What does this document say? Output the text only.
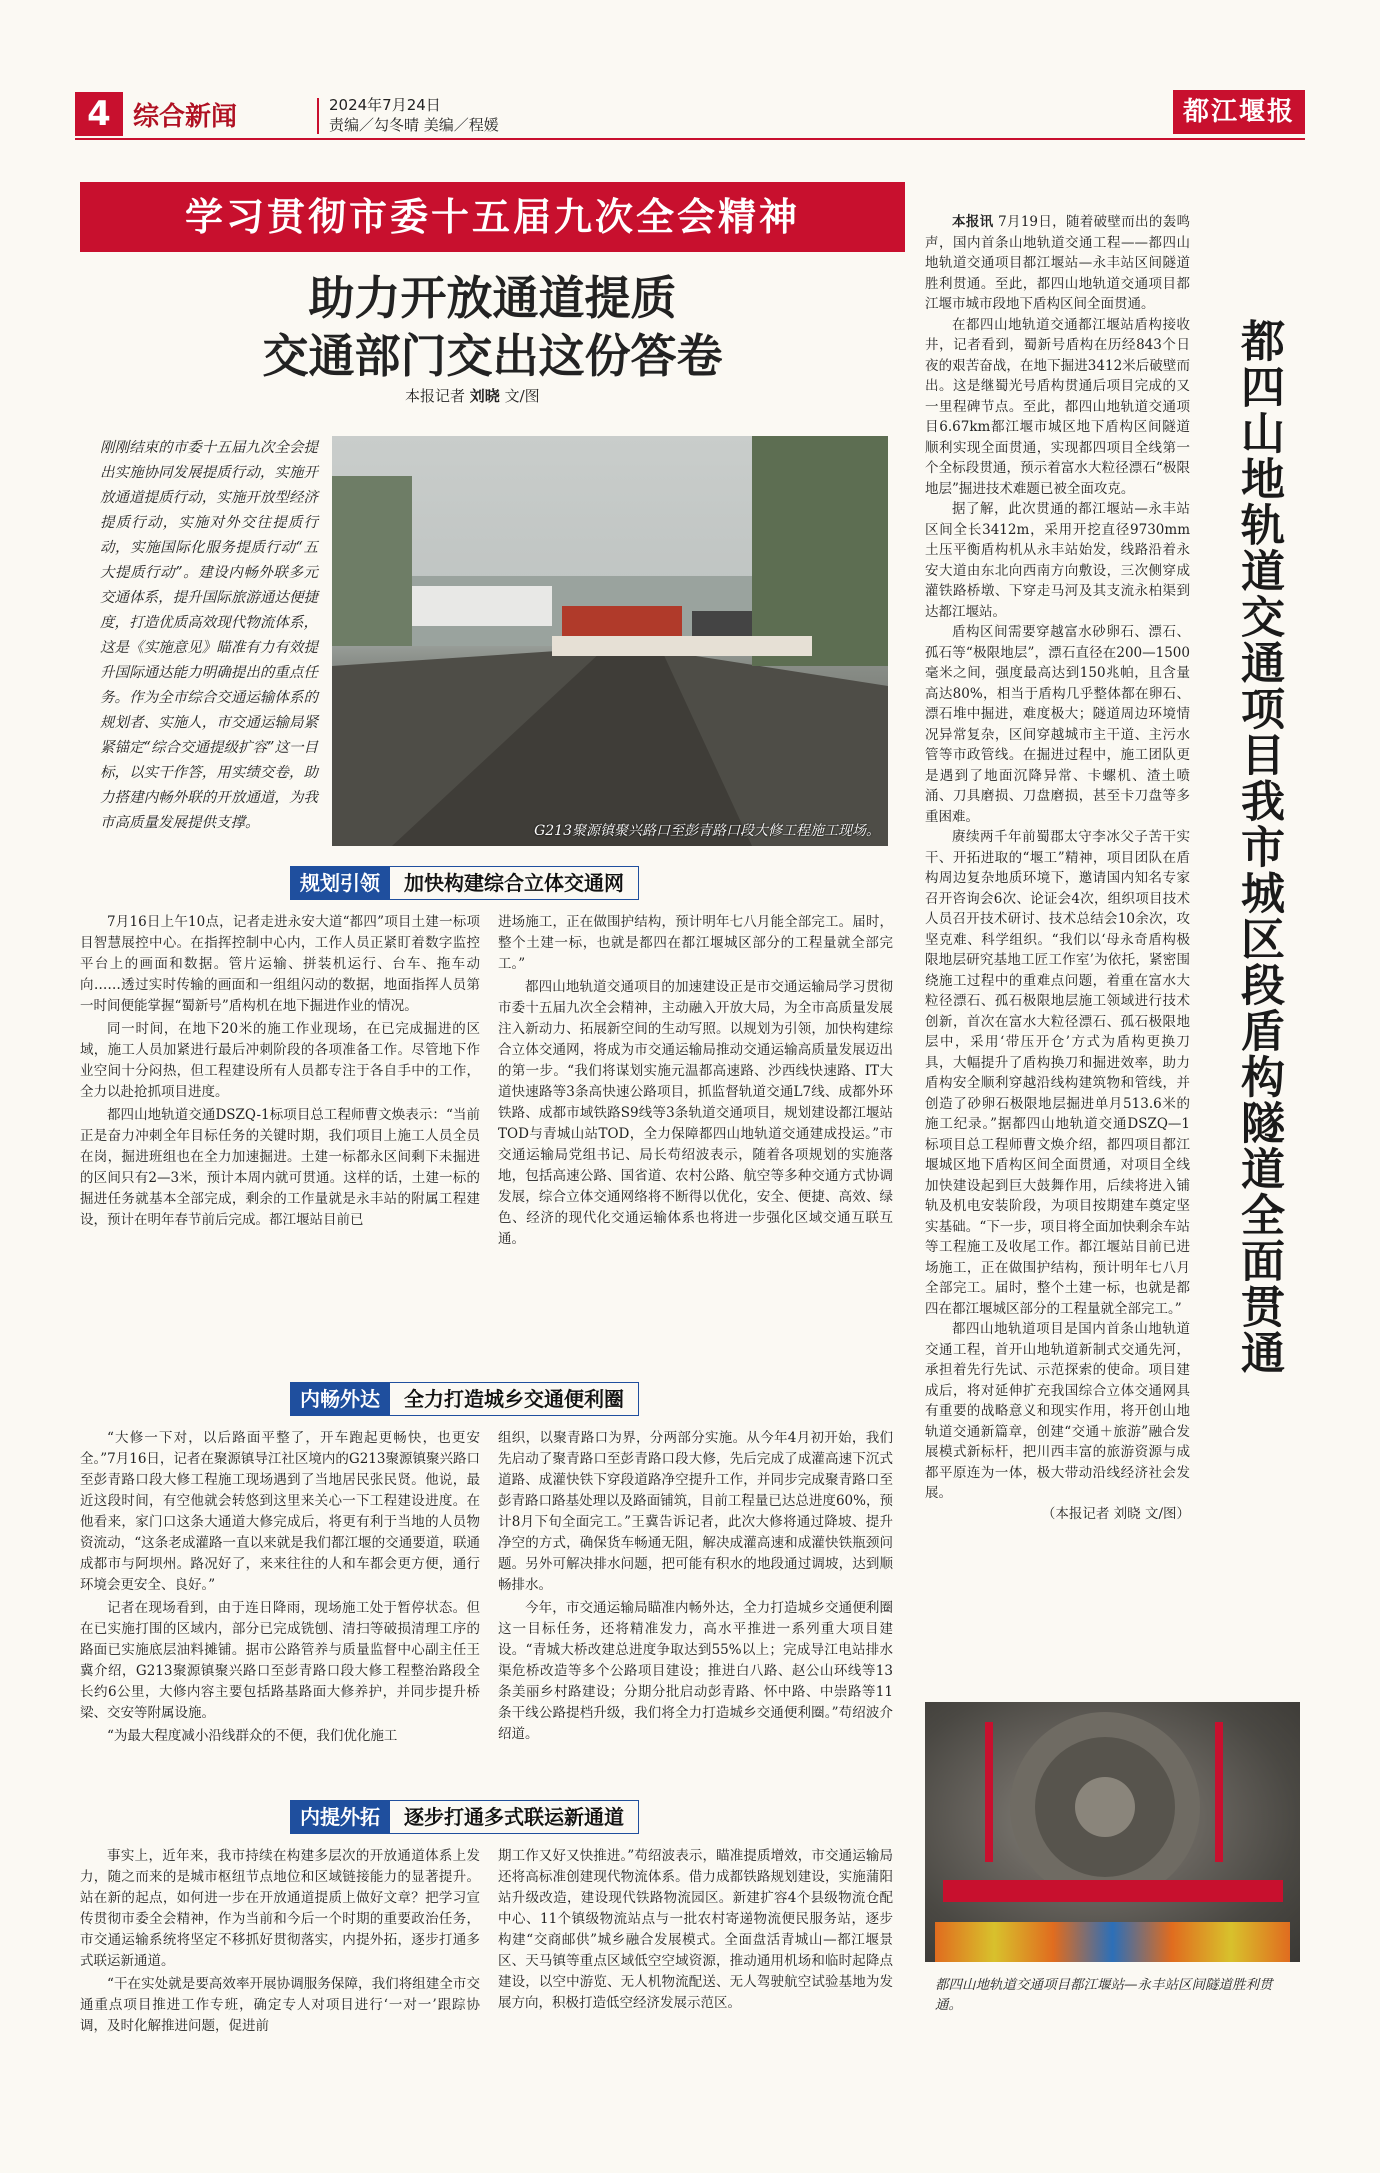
4 综合新闻	2024年7月24日
责编／勾冬晴 美编／程媛	都江堰报
学习贯彻市委十五届九次全会精神
助力开放通道提质
交通部门交出这份答卷
本报记者 刘晓 文/图
刚刚结束的市委十五届九次全会提出实施协同发展提质行动，实施开放通道提质行动，实施开放型经济提质行动，实施对外交往提质行动，实施国际化服务提质行动“五大提质行动”。建设内畅外联多元交通体系，提升国际旅游通达便捷度，打造优质高效现代物流体系，这是《实施意见》瞄准有力有效提升国际通达能力明确提出的重点任务。作为全市综合交通运输体系的规划者、实施人，市交通运输局紧紧锚定“综合交通提级扩容”这一目标，以实干作答，用实绩交卷，助力搭建内畅外联的开放通道，为我市高质量发展提供支撑。	G213聚源镇聚兴路口至彭青路口段大修工程施工现场。
规划引领	加快构建综合立体交通网

7月16日上午10点，记者走进永安大道“都四”项目土建一标项目智慧展控中心。在指挥控制中心内，工作人员正紧盯着数字监控平台上的画面和数据。管片运输、拼装机运行、台车、拖车动向……透过实时传输的画面和一组组闪动的数据，地面指挥人员第一时间便能掌握“蜀新号”盾构机在地下掘进作业的情况。

同一时间，在地下20米的施工作业现场，在已完成掘进的区域，施工人员加紧进行最后冲刺阶段的各项准备工作。尽管地下作业空间十分闷热，但工程建设所有人员都专注于各自手中的工作，全力以赴抢抓项目进度。

都四山地轨道交通DSZQ-1标项目总工程师曹文焕表示：“当前正是奋力冲刺全年目标任务的关键时期，我们项目上施工人员全员在岗，掘进班组也在全力加速掘进。土建一标都永区间剩下未掘进的区间只有2—3米，预计本周内就可贯通。这样的话，土建一标的掘进任务就基本全部完成，剩余的工作量就是永丰站的附属工程建设，预计在明年春节前后完成。都江堰站目前已

进场施工，正在做围护结构，预计明年七八月能全部完工。届时，整个土建一标，也就是都四在都江堰城区部分的工程量就全部完工。”

都四山地轨道交通项目的加速建设正是市交通运输局学习贯彻市委十五届九次全会精神，主动融入开放大局，为全市高质量发展注入新动力、拓展新空间的生动写照。以规划为引领，加快构建综合立体交通网，将成为市交通运输局推动交通运输高质量发展迈出的第一步。“我们将谋划实施元温都高速路、沙西线快速路、IT大道快速路等3条高快速公路项目，抓监督轨道交通L7线、成都外环铁路、成都市域铁路S9线等3条轨道交通项目，规划建设都江堰站TOD与青城山站TOD，全力保障都四山地轨道交通建成投运。”市交通运输局党组书记、局长苟绍波表示，随着各项规划的实施落地，包括高速公路、国省道、农村公路、航空等多种交通方式协调发展，综合立体交通网络将不断得以优化，安全、便捷、高效、绿色、经济的现代化交通运输体系也将进一步强化区域交通互联互通。

内畅外达	全力打造城乡交通便利圈

“大修一下对，以后路面平整了，开车跑起更畅快，也更安全。”7月16日，记者在聚源镇导江社区境内的G213聚源镇聚兴路口至彭青路口段大修工程施工现场遇到了当地居民张民贤。他说，最近这段时间，有空他就会转悠到这里来关心一下工程建设进度。在他看来，家门口这条大通道大修完成后，将更有利于当地的人员物资流动，“这条老成灌路一直以来就是我们都江堰的交通要道，联通成都市与阿坝州。路况好了，来来往往的人和车都会更方便，通行环境会更安全、良好。”

记者在现场看到，由于连日降雨，现场施工处于暂停状态。但在已实施打围的区域内，部分已完成铣刨、清扫等破损清理工序的路面已实施底层油料摊铺。据市公路管养与质量监督中心副主任王冀介绍，G213聚源镇聚兴路口至彭青路口段大修工程整治路段全长约6公里，大修内容主要包括路基路面大修养护，并同步提升桥梁、交安等附属设施。

“为最大程度减小沿线群众的不便，我们优化施工

组织，以聚青路口为界，分两部分实施。从今年4月初开始，我们先启动了聚青路口至彭青路口段大修，先后完成了成灌高速下沉式道路、成灌快铁下穿段道路净空提升工作，并同步完成聚青路口至彭青路口路基处理以及路面铺筑，目前工程量已达总进度60%，预计8月下旬全面完工。”王冀告诉记者，此次大修将通过降坡、提升净空的方式，确保货车畅通无阻，解决成灌高速和成灌快铁瓶颈问题。另外可解决排水问题，把可能有积水的地段通过调坡，达到顺畅排水。

今年，市交通运输局瞄准内畅外达，全力打造城乡交通便利圈这一目标任务，还将精准发力，高水平推进一系列重大项目建设。“青城大桥改建总进度争取达到55%以上；完成导江电站排水渠危桥改造等多个公路项目建设；推进白八路、赵公山环线等13条美丽乡村路建设；分期分批启动彭青路、怀中路、中崇路等11条干线公路提档升级，我们将全力打造城乡交通便利圈。”苟绍波介绍道。

内提外拓	逐步打通多式联运新通道

事实上，近年来，我市持续在构建多层次的开放通道体系上发力，随之而来的是城市枢纽节点地位和区域链接能力的显著提升。站在新的起点，如何进一步在开放通道提质上做好文章？把学习宣传贯彻市委全会精神，作为当前和今后一个时期的重要政治任务，市交通运输系统将坚定不移抓好贯彻落实，内提外拓，逐步打通多式联运新通道。

“干在实处就是要高效率开展协调服务保障，我们将组建全市交通重点项目推进工作专班，确定专人对项目进行‘一对一’跟踪协调，及时化解推进问题，促进前

期工作又好又快推进。”苟绍波表示，瞄准提质增效，市交通运输局还将高标准创建现代物流体系。借力成都铁路规划建设，实施蒲阳站升级改造，建设现代铁路物流园区。新建扩容4个县级物流仓配中心、11个镇级物流站点与一批农村寄递物流便民服务站，逐步构建“交商邮供”城乡融合发展模式。全面盘活青城山—都江堰景区、天马镇等重点区域低空空域资源，推动通用机场和临时起降点建设，以空中游览、无人机物流配送、无人驾驶航空试验基地为发展方向，积极打造低空经济发展示范区。

都四山地轨道交通项目我市城区段盾构隧道全面贯通

本报讯 7月19日，随着破壁而出的轰鸣声，国内首条山地轨道交通工程——都四山地轨道交通项目都江堰站—永丰站区间隧道胜利贯通。至此，都四山地轨道交通项目都江堰市城市段地下盾构区间全面贯通。

在都四山地轨道交通都江堰站盾构接收井，记者看到，蜀新号盾构在历经843个日夜的艰苦奋战，在地下掘进3412米后破壁而出。这是继蜀光号盾构贯通后项目完成的又一里程碑节点。至此，都四山地轨道交通项目6.67km都江堰市城区地下盾构区间隧道顺利实现全面贯通，实现都四项目全线第一个全标段贯通，预示着富水大粒径漂石“极限地层”掘进技术难题已被全面攻克。

据了解，此次贯通的都江堰站—永丰站区间全长3412m，采用开挖直径9730mm土压平衡盾构机从永丰站始发，线路沿着永安大道由东北向西南方向敷设，三次侧穿成灌铁路桥墩、下穿走马河及其支流永柏渠到达都江堰站。

盾构区间需要穿越富水砂卵石、漂石、孤石等“极限地层”，漂石直径在200—1500毫米之间，强度最高达到150兆帕，且含量高达80%，相当于盾构几乎整体都在卵石、漂石堆中掘进，难度极大；隧道周边环境情况异常复杂，区间穿越城市主干道、主污水管等市政管线。在掘进过程中，施工团队更是遇到了地面沉降异常、卡螺机、渣土喷涌、刀具磨损、刀盘磨损，甚至卡刀盘等多重困难。

赓续两千年前蜀郡太守李冰父子苦干实干、开拓进取的“堰工”精神，项目团队在盾构周边复杂地质环境下，邀请国内知名专家召开咨询会6次、论证会4次，组织项目技术人员召开技术研讨、技术总结会10余次，攻坚克难、科学组织。“我们以‘母永奇盾构极限地层研究基地工匠工作室’为依托，紧密围绕施工过程中的重难点问题，着重在富水大粒径漂石、孤石极限地层施工领域进行技术创新，首次在富水大粒径漂石、孤石极限地层中，采用‘带压开仓’方式为盾构更换刀具，大幅提升了盾构换刀和掘进效率，助力盾构安全顺利穿越沿线构建筑物和管线，并创造了砂卵石极限地层掘进单月513.6米的施工纪录。”据都四山地轨道交通DSZQ—1标项目总工程师曹文焕介绍，都四项目都江堰城区地下盾构区间全面贯通，对项目全线加快建设起到巨大鼓舞作用，后续将进入铺轨及机电安装阶段，为项目按期建车奠定坚实基础。“下一步，项目将全面加快剩余车站等工程施工及收尾工作。都江堰站目前已进场施工，正在做围护结构，预计明年七八月全部完工。届时，整个土建一标，也就是都四在都江堰城区部分的工程量就全部完工。”

都四山地轨道项目是国内首条山地轨道交通工程，首开山地轨道新制式交通先河，承担着先行先试、示范探索的使命。项目建成后，将对延伸扩充我国综合立体交通网具有重要的战略意义和现实作用，将开创山地轨道交通新篇章，创建“交通＋旅游”融合发展模式新标杆，把川西丰富的旅游资源与成都平原连为一体，极大带动沿线经济社会发展。

（本报记者 刘晓 文/图）

都四山地轨道交通项目都江堰站—永丰站区间隧道胜利贯通。
